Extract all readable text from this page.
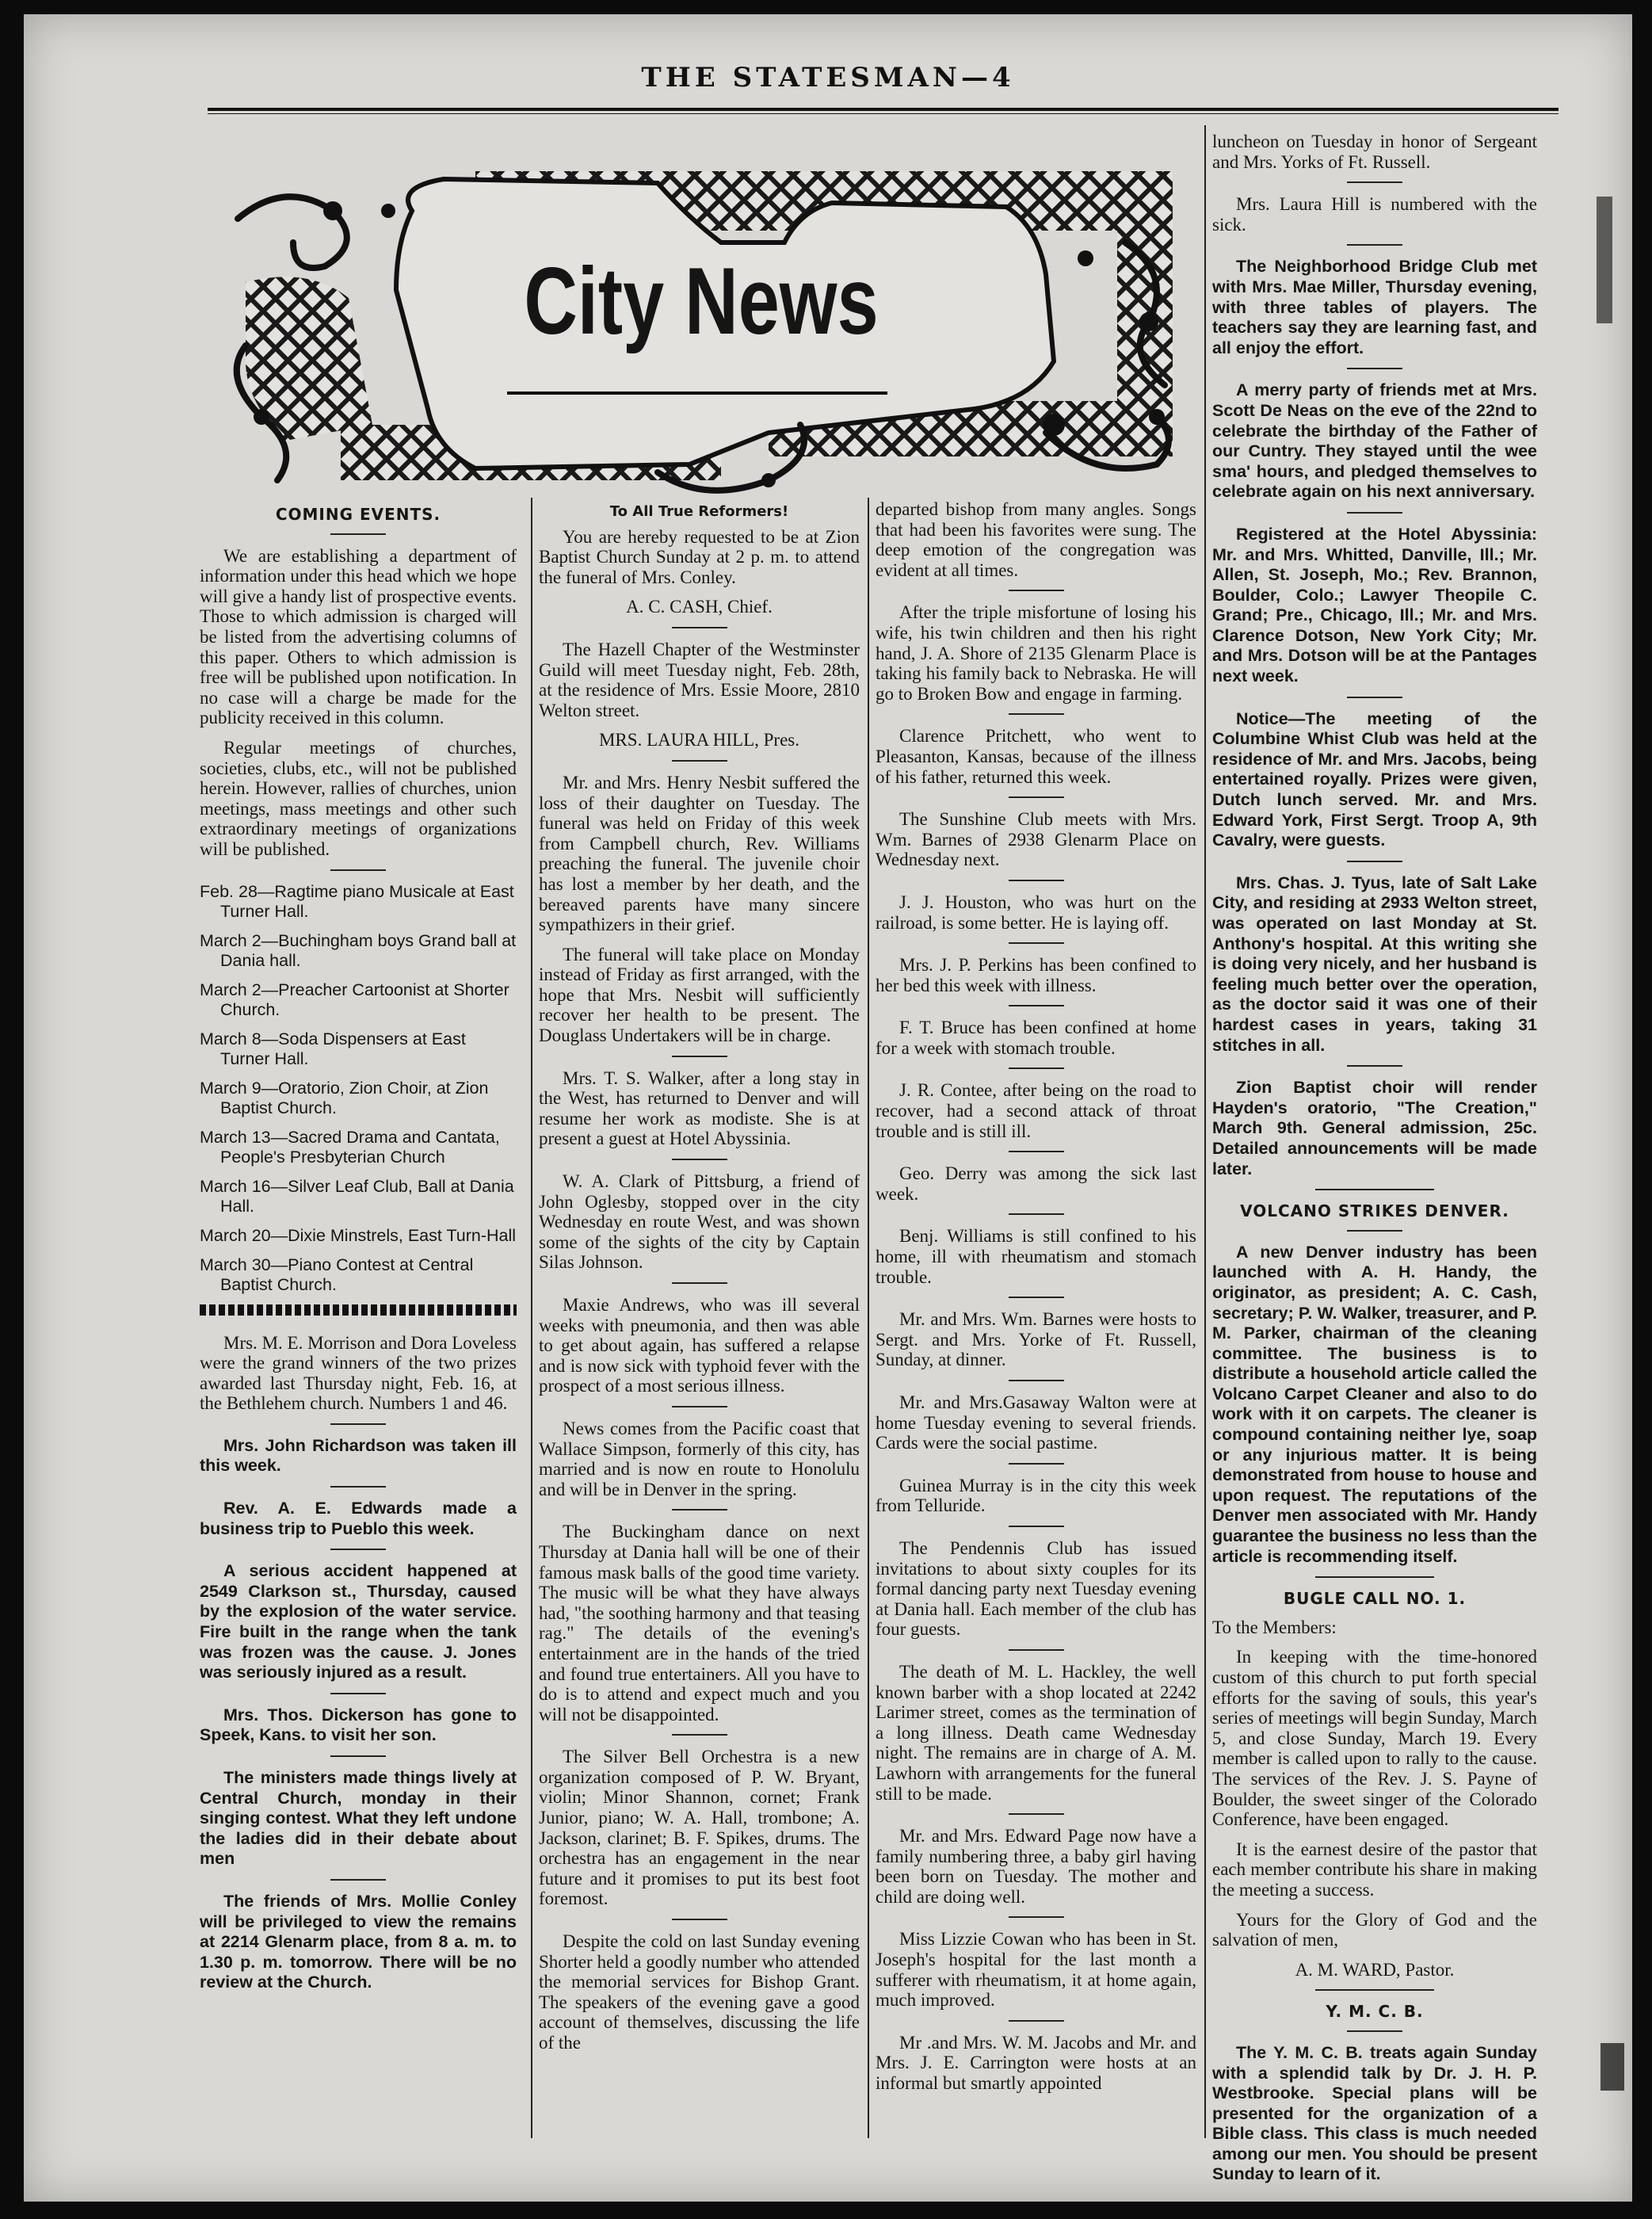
THE STATESMAN—4
City News
COMING EVENTS.

We are establishing a department of information under this head which we hope will give a handy list of prospective events. Those to which admission is charged will be listed from the advertising columns of this paper. Others to which admission is free will be published upon notification. In no case will a charge be made for the publicity received in this column.

Regular meetings of churches, societies, clubs, etc., will not be published herein. However, rallies of churches, union meetings, mass meetings and other such extraordinary meetings of organizations will be published.

Feb. 28—Ragtime piano Musicale at East Turner Hall.

March 2—Buchingham boys Grand ball at Dania hall.

March 2—Preacher Cartoonist at Shorter Church.

March 8—Soda Dispensers at East Turner Hall.

March 9—Oratorio, Zion Choir, at Zion Baptist Church.

March 13—Sacred Drama and Cantata, People's Presbyterian Church

March 16—Silver Leaf Club, Ball at Dania Hall.

March 20—Dixie Minstrels, East Turn-Hall

March 30—Piano Contest at Central Baptist Church.

Mrs. M. E. Morrison and Dora Loveless were the grand winners of the two prizes awarded last Thursday night, Feb. 16, at the Bethlehem church. Numbers 1 and 46.

Mrs. John Richardson was taken ill this week.

Rev. A. E. Edwards made a business trip to Pueblo this week.

A serious accident happened at 2549 Clarkson st., Thursday, caused by the explosion of the water service. Fire built in the range when the tank was frozen was the cause. J. Jones was seriously injured as a result.

Mrs. Thos. Dickerson has gone to Speek, Kans. to visit her son.

The ministers made things lively at Central Church, monday in their singing contest. What they left undone the ladies did in their debate about men

The friends of Mrs. Mollie Conley will be privileged to view the remains at 2214 Glenarm place, from 8 a. m. to 1.30 p. m. tomorrow. There will be no review at the Church.

To All True Reformers!

You are hereby requested to be at Zion Baptist Church Sunday at 2 p. m. to attend the funeral of Mrs. Conley.

A. C. CASH, Chief.

The Hazell Chapter of the Westminster Guild will meet Tuesday night, Feb. 28th, at the residence of Mrs. Essie Moore, 2810 Welton street.

MRS. LAURA HILL, Pres.

Mr. and Mrs. Henry Nesbit suffered the loss of their daughter on Tuesday. The funeral was held on Friday of this week from Campbell church, Rev. Williams preaching the funeral. The juvenile choir has lost a member by her death, and the bereaved parents have many sincere sympathizers in their grief.

The funeral will take place on Monday instead of Friday as first arranged, with the hope that Mrs. Nesbit will sufficiently recover her health to be present. The Douglass Undertakers will be in charge.

Mrs. T. S. Walker, after a long stay in the West, has returned to Denver and will resume her work as modiste. She is at present a guest at Hotel Abyssinia.

W. A. Clark of Pittsburg, a friend of John Oglesby, stopped over in the city Wednesday en route West, and was shown some of the sights of the city by Captain Silas Johnson.

Maxie Andrews, who was ill several weeks with pneumonia, and then was able to get about again, has suffered a relapse and is now sick with typhoid fever with the prospect of a most serious illness.

News comes from the Pacific coast that Wallace Simpson, formerly of this city, has married and is now en route to Honolulu and will be in Denver in the spring.

The Buckingham dance on next Thursday at Dania hall will be one of their famous mask balls of the good time variety. The music will be what they have always had, "the soothing harmony and that teasing rag." The details of the evening's entertainment are in the hands of the tried and found true entertainers. All you have to do is to attend and expect much and you will not be disappointed.

The Silver Bell Orchestra is a new organization composed of P. W. Bryant, violin; Minor Shannon, cornet; Frank Junior, piano; W. A. Hall, trombone; A. Jackson, clarinet; B. F. Spikes, drums. The orchestra has an engagement in the near future and it promises to put its best foot foremost.

Despite the cold on last Sunday evening Shorter held a goodly number who attended the memorial services for Bishop Grant. The speakers of the evening gave a good account of themselves, discussing the life of the

departed bishop from many angles. Songs that had been his favorites were sung. The deep emotion of the congregation was evident at all times.

After the triple misfortune of losing his wife, his twin children and then his right hand, J. A. Shore of 2135 Glenarm Place is taking his family back to Nebraska. He will go to Broken Bow and engage in farming.

Clarence Pritchett, who went to Pleasanton, Kansas, because of the illness of his father, returned this week.

The Sunshine Club meets with Mrs. Wm. Barnes of 2938 Glenarm Place on Wednesday next.

J. J. Houston, who was hurt on the railroad, is some better. He is laying off.

Mrs. J. P. Perkins has been confined to her bed this week with illness.

F. T. Bruce has been confined at home for a week with stomach trouble.

J. R. Contee, after being on the road to recover, had a second attack of throat trouble and is still ill.

Geo. Derry was among the sick last week.

Benj. Williams is still confined to his home, ill with rheumatism and stomach trouble.

Mr. and Mrs. Wm. Barnes were hosts to Sergt. and Mrs. Yorke of Ft. Russell, Sunday, at dinner.

Mr. and Mrs.Gasaway Walton were at home Tuesday evening to several friends. Cards were the social pastime.

Guinea Murray is in the city this week from Telluride.

The Pendennis Club has issued invitations to about sixty couples for its formal dancing party next Tuesday evening at Dania hall. Each member of the club has four guests.

The death of M. L. Hackley, the well known barber with a shop located at 2242 Larimer street, comes as the termination of a long illness. Death came Wednesday night. The remains are in charge of A. M. Lawhorn with arrangements for the funeral still to be made.

Mr. and Mrs. Edward Page now have a family numbering three, a baby girl having been born on Tuesday. The mother and child are doing well.

Miss Lizzie Cowan who has been in St. Joseph's hospital for the last month a sufferer with rheumatism, it at home again, much improved.

Mr .and Mrs. W. M. Jacobs and Mr. and Mrs. J. E. Carrington were hosts at an informal but smartly appointed

luncheon on Tuesday in honor of Sergeant and Mrs. Yorks of Ft. Russell.

Mrs. Laura Hill is numbered with the sick.

The Neighborhood Bridge Club met with Mrs. Mae Miller, Thursday evening, with three tables of players. The teachers say they are learning fast, and all enjoy the effort.

A merry party of friends met at Mrs. Scott De Neas on the eve of the 22nd to celebrate the birthday of the Father of our Cuntry. They stayed until the wee sma' hours, and pledged themselves to celebrate again on his next anniversary.

Registered at the Hotel Abyssinia: Mr. and Mrs. Whitted, Danville, Ill.; Mr. Allen, St. Joseph, Mo.; Rev. Brannon, Boulder, Colo.; Lawyer Theopile C. Grand; Pre., Chicago, Ill.; Mr. and Mrs. Clarence Dotson, New York City; Mr. and Mrs. Dotson will be at the Pantages next week.

Notice—The meeting of the Columbine Whist Club was held at the residence of Mr. and Mrs. Jacobs, being entertained royally. Prizes were given, Dutch lunch served. Mr. and Mrs. Edward York, First Sergt. Troop A, 9th Cavalry, were guests.

Mrs. Chas. J. Tyus, late of Salt Lake City, and residing at 2933 Welton street, was operated on last Monday at St. Anthony's hospital. At this writing she is doing very nicely, and her husband is feeling much better over the operation, as the doctor said it was one of their hardest cases in years, taking 31 stitches in all.

Zion Baptist choir will render Hayden's oratorio, "The Creation," March 9th. General admission, 25c. Detailed announcements will be made later.

VOLCANO STRIKES DENVER.

A new Denver industry has been launched with A. H. Handy, the originator, as president; A. C. Cash, secretary; P. W. Walker, treasurer, and P. M. Parker, chairman of the cleaning committee. The business is to distribute a household article called the Volcano Carpet Cleaner and also to do work with it on carpets. The cleaner is compound containing neither lye, soap or any injurious matter. It is being demonstrated from house to house and upon request. The reputations of the Denver men associated with Mr. Handy guarantee the business no less than the article is recommending itself.

BUGLE CALL NO. 1.

To the Members:

In keeping with the time-honored custom of this church to put forth special efforts for the saving of souls, this year's series of meetings will begin Sunday, March 5, and close Sunday, March 19. Every member is called upon to rally to the cause. The services of the Rev. J. S. Payne of Boulder, the sweet singer of the Colorado Conference, have been engaged.

It is the earnest desire of the pastor that each member contribute his share in making the meeting a success.

Yours for the Glory of God and the salvation of men,

A. M. WARD, Pastor.

Y. M. C. B.

The Y. M. C. B. treats again Sunday with a splendid talk by Dr. J. H. P. Westbrooke. Special plans will be presented for the organization of a Bible class. This class is much needed among our men. You should be present Sunday to learn of it.
